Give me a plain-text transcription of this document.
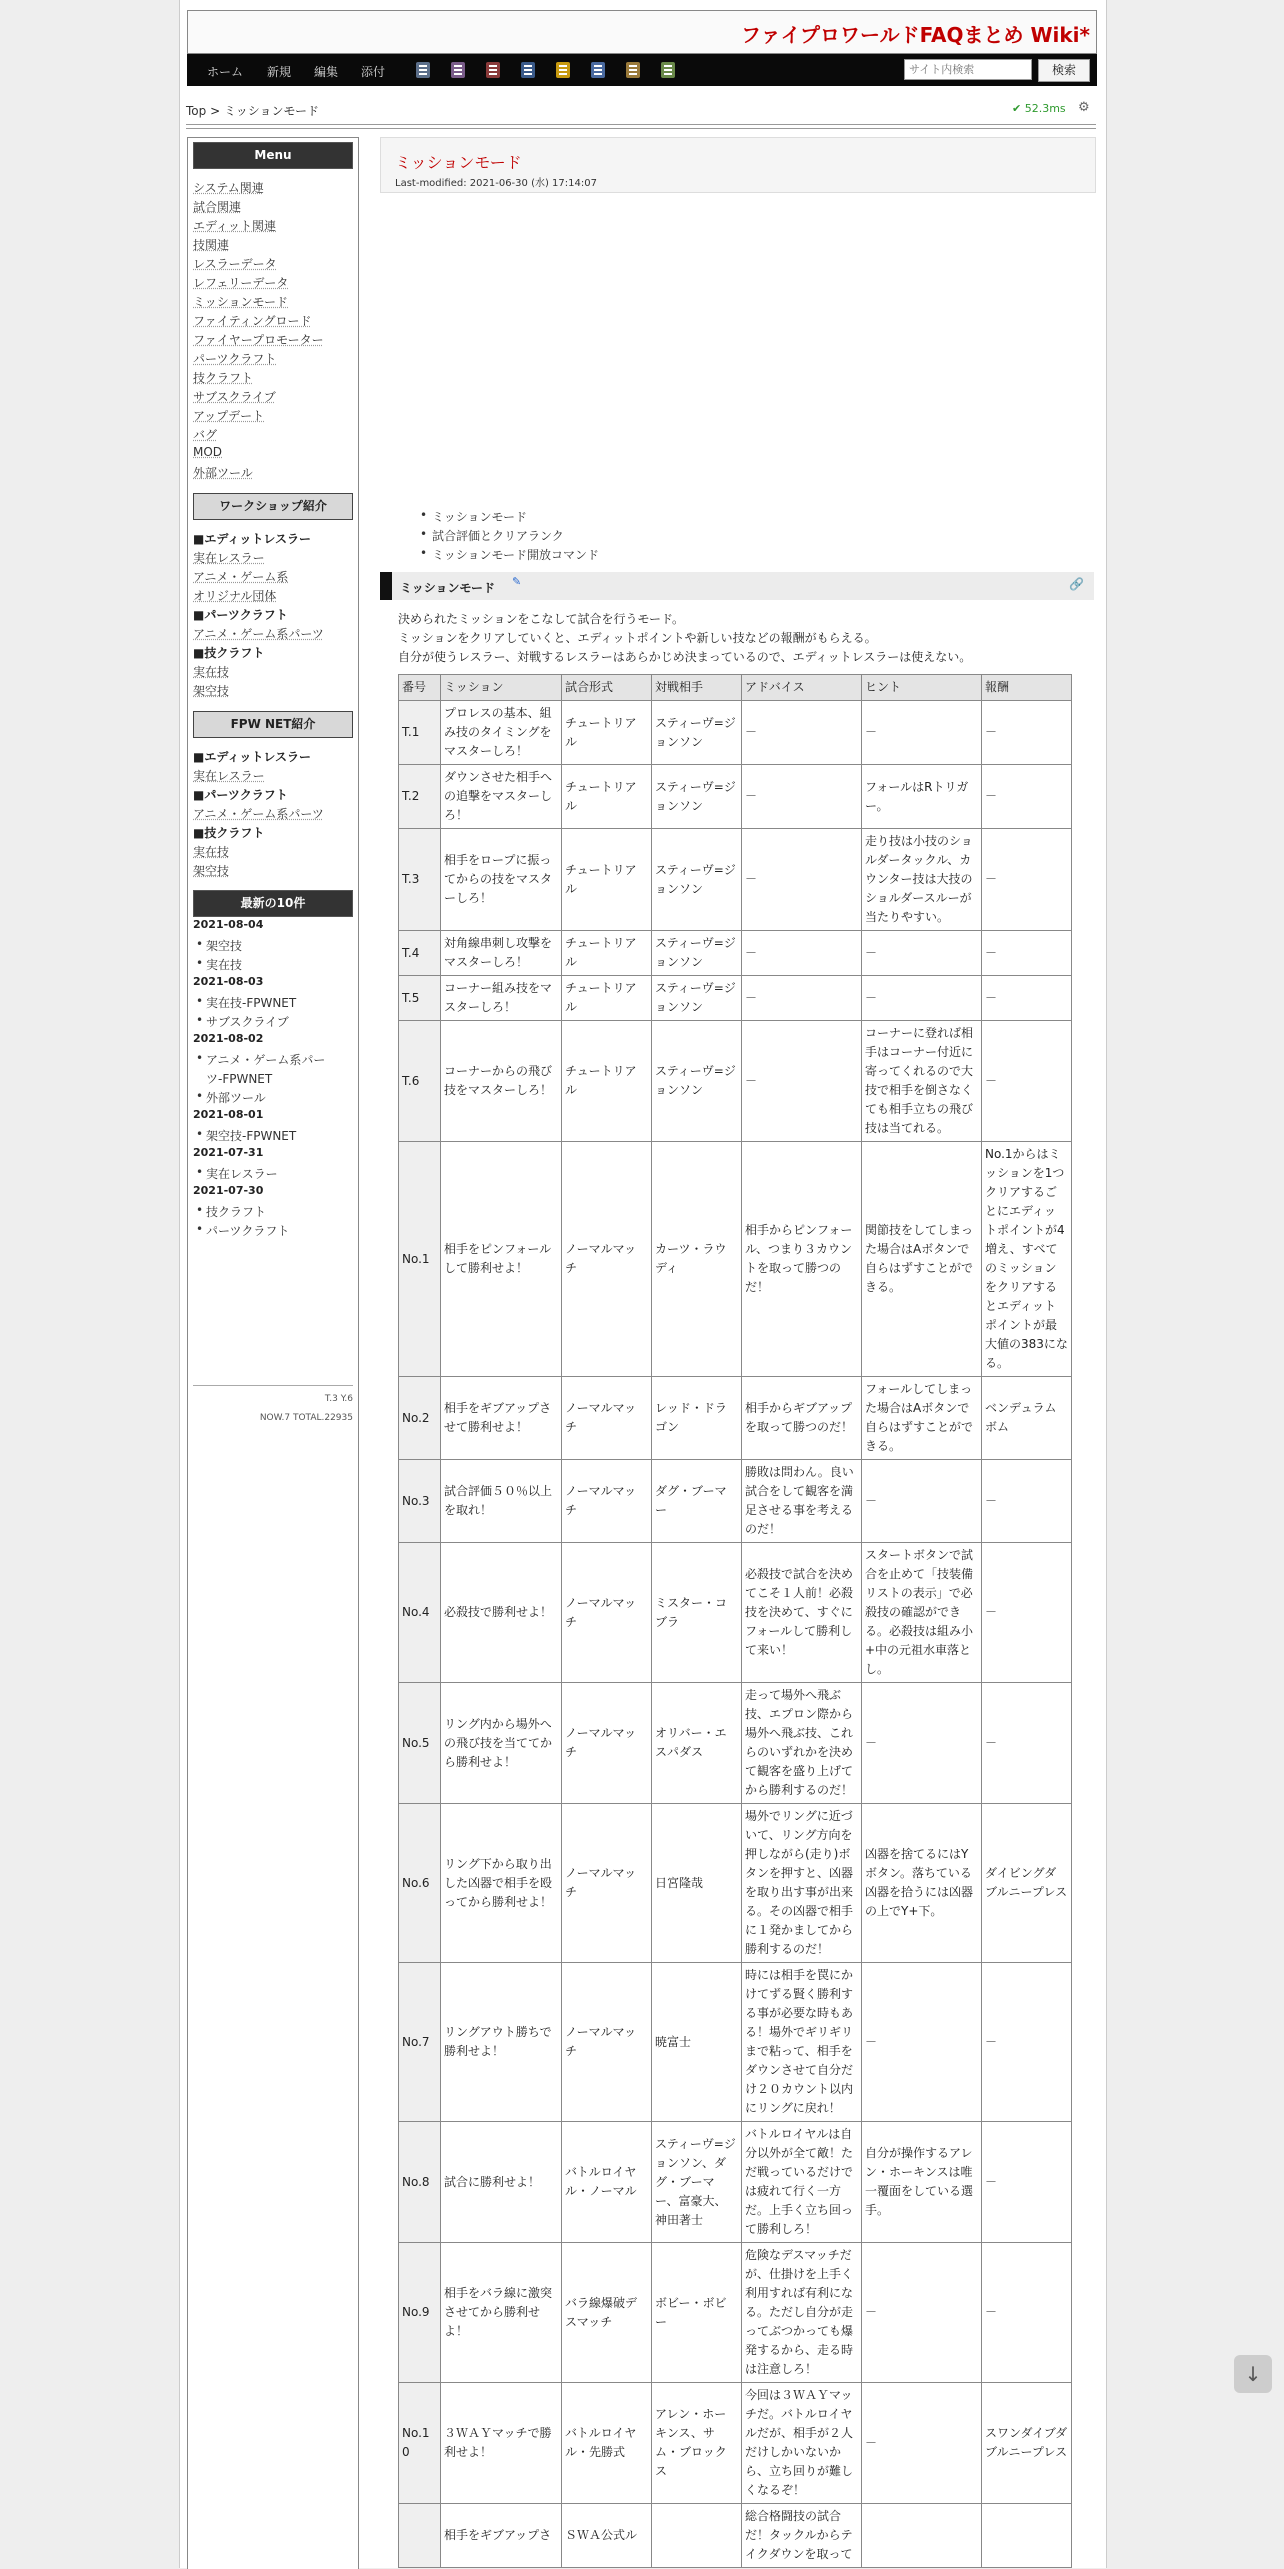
ファイプロワールドFAQまとめ Wiki*
ホーム 新規 編集 添付
サイト内検索	検索
Top > ミッションモード	✔ 52.3ms ⚙
Menu
システム関連
試合関連
エディット関連
技関連
レスラーデータ
レフェリーデータ
ミッションモード
ファイティングロード
ファイヤープロモーター
パーツクラフト
技クラフト
サブスクライブ
アップデート
バグ
MOD
外部ツール
ワークショップ紹介
■エディットレスラー
実在レスラー
アニメ・ゲーム系
オリジナル団体
■パーツクラフト
アニメ・ゲーム系パーツ
■技クラフト
実在技
架空技
FPW NET紹介
■エディットレスラー
実在レスラー
■パーツクラフト
アニメ・ゲーム系パーツ
■技クラフト
実在技
架空技
最新の10件
2021-08-04
• 架空技
• 実在技
2021-08-03
• 実在技-FPWNET
• サブスクライブ
2021-08-02
• アニメ・ゲーム系パー
ツ-FPWNET
• 外部ツール
2021-08-01
• 架空技-FPWNET
2021-07-31
• 実在レスラー
2021-07-30
• 技クラフト
• パーツクラフト
T.3 Y.6
NOW.7 TOTAL.22935
ミッションモード
Last-modified: 2021-06-30 (水) 17:14:07
• ミッションモード
• 試合評価とクリアランク
• ミッションモード開放コマンド
ミッションモード ✎	🔗
決められたミッションをこなして試合を行うモード。
ミッションをクリアしていくと、エディットポイントや新しい技などの報酬がもらえる。
自分が使うレスラー、対戦するレスラーはあらかじめ決まっているので、エディットレスラーは使えない。
番号	ミッション	試合形式	対戦相手	アドバイス	ヒント	報酬
T.1	プロレスの基本、組み技のタイミングをマスターしろ！	チュートリアル	スティーヴ=ジョンソン	－	－	－
T.2	ダウンさせた相手への追撃をマスターしろ！	チュートリアル	スティーヴ=ジョンソン	－	フォールはRトリガー。	－
T.3	相手をロープに振ってからの技をマスターしろ！	チュートリアル	スティーヴ=ジョンソン	－	走り技は小技のショルダータックル、カウンター技は大技のショルダースルーが当たりやすい。	－
T.4	対角線串刺し攻撃をマスターしろ！	チュートリアル	スティーヴ=ジョンソン	－	－	－
T.5	コーナー組み技をマスターしろ！	チュートリアル	スティーヴ=ジョンソン	－	－	－
T.6	コーナーからの飛び技をマスターしろ！	チュートリアル	スティーヴ=ジョンソン	－	コーナーに登れば相手はコーナー付近に寄ってくれるので大技で相手を倒さなくても相手立ちの飛び技は当てれる。	－
No.1	相手をピンフォールして勝利せよ！	ノーマルマッチ	カーツ・ラウディ	相手からピンフォール、つまり３カウントを取って勝つのだ！	関節技をしてしまった場合はAボタンで自らはずすことができる。	No.1からはミッションを1つクリアするごとにエディットポイントが4増え、すべてのミッションをクリアするとエディットポイントが最大値の383になる。
No.2	相手をギブアップさせて勝利せよ！	ノーマルマッチ	レッド・ドラゴン	相手からギブアップを取って勝つのだ！	フォールしてしまった場合はAボタンで自らはずすことができる。	ベンデュラムボム
No.3	試合評価５０％以上を取れ！	ノーマルマッチ	ダグ・ブーマー	勝敗は問わん。良い試合をして観客を満足させる事を考えるのだ！	－	－
No.4	必殺技で勝利せよ！	ノーマルマッチ	ミスター・コブラ	必殺技で試合を決めてこそ１人前！必殺技を決めて、すぐにフォールして勝利して来い！	スタートボタンで試合を止めて「技装備リストの表示」で必殺技の確認ができる。必殺技は組み小+中の元祖水車落とし。	－
No.5	リング内から場外への飛び技を当ててから勝利せよ！	ノーマルマッチ	オリバー・エスパダス	走って場外へ飛ぶ技、エプロン際から場外へ飛ぶ技、これらのいずれかを決めて観客を盛り上げてから勝利するのだ！	－	－
No.6	リング下から取り出した凶器で相手を殴ってから勝利せよ！	ノーマルマッチ	日宮隆哉	場外でリングに近づいて、リング方向を押しながら(走り)ボタンを押すと、凶器を取り出す事が出来る。その凶器で相手に１発かましてから勝利するのだ！	凶器を捨てるにはYボタン。落ちている凶器を拾うには凶器の上でY+下。	ダイビングダブルニープレス
No.7	リングアウト勝ちで勝利せよ！	ノーマルマッチ	暁富士	時には相手を罠にかけてずる賢く勝利する事が必要な時もある！場外でギリギリまで粘って、相手をダウンさせて自分だけ２０カウント以内にリングに戻れ！	－	－
No.8	試合に勝利せよ！	バトルロイヤル・ノーマル	スティーヴ=ジョンソン、ダグ・ブーマー、富豪大、神田著士	バトルロイヤルは自分以外が全て敵！ただ戦っているだけでは疲れて行く一方だ。上手く立ち回って勝利しろ！	自分が操作するアレン・ホーキンスは唯一覆面をしている選手。	－
No.9	相手をバラ線に激突させてから勝利せよ！	バラ線爆破デスマッチ	ボビー・ボビー	危険なデスマッチだが、仕掛けを上手く利用すれば有利になる。ただし自分が走ってぶつかっても爆発するから、走る時は注意しろ！	－	－
No.10	３ＷＡＹマッチで勝利せよ！	バトルロイヤル・先勝式	アレン・ホーキンス、サム・ブロックス	今回は３ＷＡＹマッチだ。バトルロイヤルだが、相手が２人だけしかいないから、立ち回りが難しくなるぞ！	－	スワンダイブダブルニープレス
	相手をギブアップさ	ＳＷＡ公式ル		総合格闘技の試合だ！タックルからテイクダウンを取って		
↓
